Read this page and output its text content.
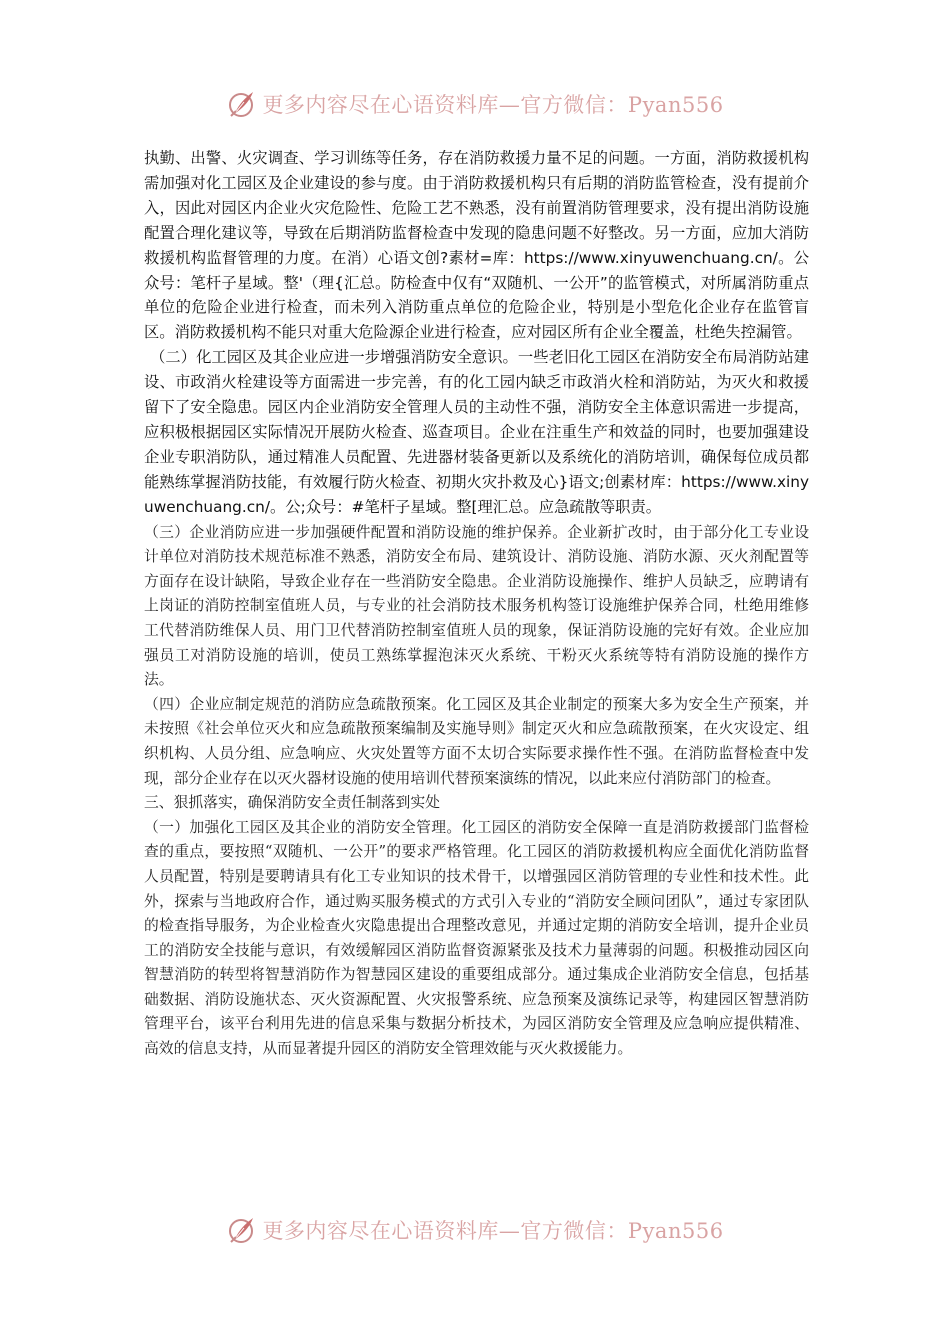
更多内容尽在心语资料库—官方微信：Pyan556

执勤、出警、火灾调查、学习训练等任务，存在消防救援力量不足的问题。一方面，消防救援机构需加强对化工园区及企业建设的参与度。由于消防救援机构只有后期的消防监管检查，没有提前介入，因此对园区内企业火灾危险性、危险工艺不熟悉，没有前置消防管理要求，没有提出消防设施配置合理化建议等，导致在后期消防监督检查中发现的隐患问题不好整改。另一方面，应加大消防救援机构监督管理的力度。在消）心语文创?素材=库：https://www.xinyuwenchuang.cn/。公众号：笔杆子星域。整'（理{汇总。防检查中仅有“双随机、一公开”的监管模式，对所属消防重点单位的危险企业进行检查，而未列入消防重点单位的危险企业，特别是小型危化企业存在监管盲区。消防救援机构不能只对重大危险源企业进行检查，应对园区所有企业全覆盖，杜绝失控漏管。

（二）化工园区及其企业应进一步增强消防安全意识。一些老旧化工园区在消防安全布局消防站建设、市政消火栓建设等方面需进一步完善，有的化工园内缺乏市政消火栓和消防站，为灭火和救援留下了安全隐患。园区内企业消防安全管理人员的主动性不强，消防安全主体意识需进一步提高，应积极根据园区实际情况开展防火检查、巡查项目。企业在注重生产和效益的同时，也要加强建设企业专职消防队，通过精准人员配置、先进器材装备更新以及系统化的消防培训，确保每位成员都能熟练掌握消防技能，有效履行防火检查、初期火灾扑救及心}语文;创素材库：https://www.xinyuwenchuang.cn/。公;众号：#笔杆子星域。整[理汇总。应急疏散等职责。

（三）企业消防应进一步加强硬件配置和消防设施的维护保养。企业新扩改时，由于部分化工专业设计单位对消防技术规范标准不熟悉，消防安全布局、建筑设计、消防设施、消防水源、灭火剂配置等方面存在设计缺陷，导致企业存在一些消防安全隐患。企业消防设施操作、维护人员缺乏，应聘请有上岗证的消防控制室值班人员，与专业的社会消防技术服务机构签订设施维护保养合同，杜绝用维修工代替消防维保人员、用门卫代替消防控制室值班人员的现象，保证消防设施的完好有效。企业应加强员工对消防设施的培训，使员工熟练掌握泡沫灭火系统、干粉灭火系统等特有消防设施的操作方法。

（四）企业应制定规范的消防应急疏散预案。化工园区及其企业制定的预案大多为安全生产预案，并未按照《社会单位灭火和应急疏散预案编制及实施导则》制定灭火和应急疏散预案，在火灾设定、组织机构、人员分组、应急响应、火灾处置等方面不太切合实际要求操作性不强。在消防监督检查中发现，部分企业存在以灭火器材设施的使用培训代替预案演练的情况，以此来应付消防部门的检查。

三、狠抓落实，确保消防安全责任制落到实处

（一）加强化工园区及其企业的消防安全管理。化工园区的消防安全保障一直是消防救援部门监督检查的重点，要按照“双随机、一公开”的要求严格管理。化工园区的消防救援机构应全面优化消防监督人员配置，特别是要聘请具有化工专业知识的技术骨干，以增强园区消防管理的专业性和技术性。此外，探索与当地政府合作，通过购买服务模式的方式引入专业的“消防安全顾问团队”，通过专家团队的检查指导服务，为企业检查火灾隐患提出合理整改意见，并通过定期的消防安全培训，提升企业员工的消防安全技能与意识，有效缓解园区消防监督资源紧张及技术力量薄弱的问题。积极推动园区向智慧消防的转型将智慧消防作为智慧园区建设的重要组成部分。通过集成企业消防安全信息，包括基础数据、消防设施状态、灭火资源配置、火灾报警系统、应急预案及演练记录等，构建园区智慧消防管理平台，该平台利用先进的信息采集与数据分析技术，为园区消防安全管理及应急响应提供精准、高效的信息支持，从而显著提升园区的消防安全管理效能与灭火救援能力。

更多内容尽在心语资料库—官方微信：Pyan556
